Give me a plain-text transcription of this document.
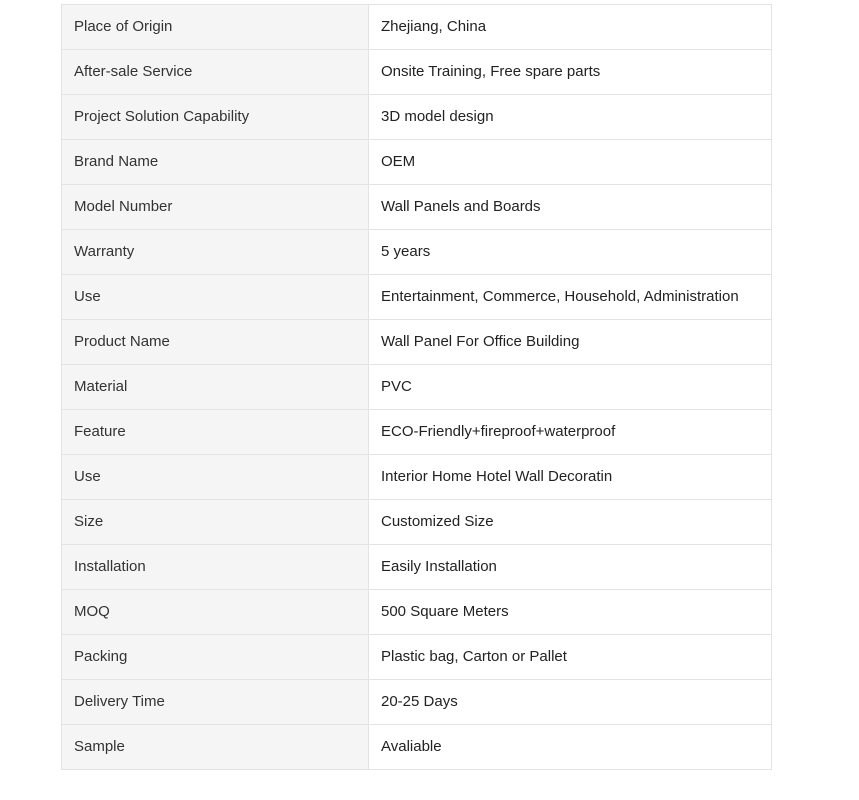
Place of Origin	Zhejiang, China
After-sale Service	Onsite Training, Free spare parts
Project Solution Capability	3D model design
Brand Name	OEM
Model Number	Wall Panels and Boards
Warranty	5 years
Use	Entertainment, Commerce, Household, Administration
Product Name	Wall Panel For Office Building
Material	PVC
Feature	ECO-Friendly+fireproof+waterproof
Use	Interior Home Hotel Wall Decoratin
Size	Customized Size
Installation	Easily Installation
MOQ	500 Square Meters
Packing	Plastic bag, Carton or Pallet
Delivery Time	20-25 Days
Sample	Avaliable
